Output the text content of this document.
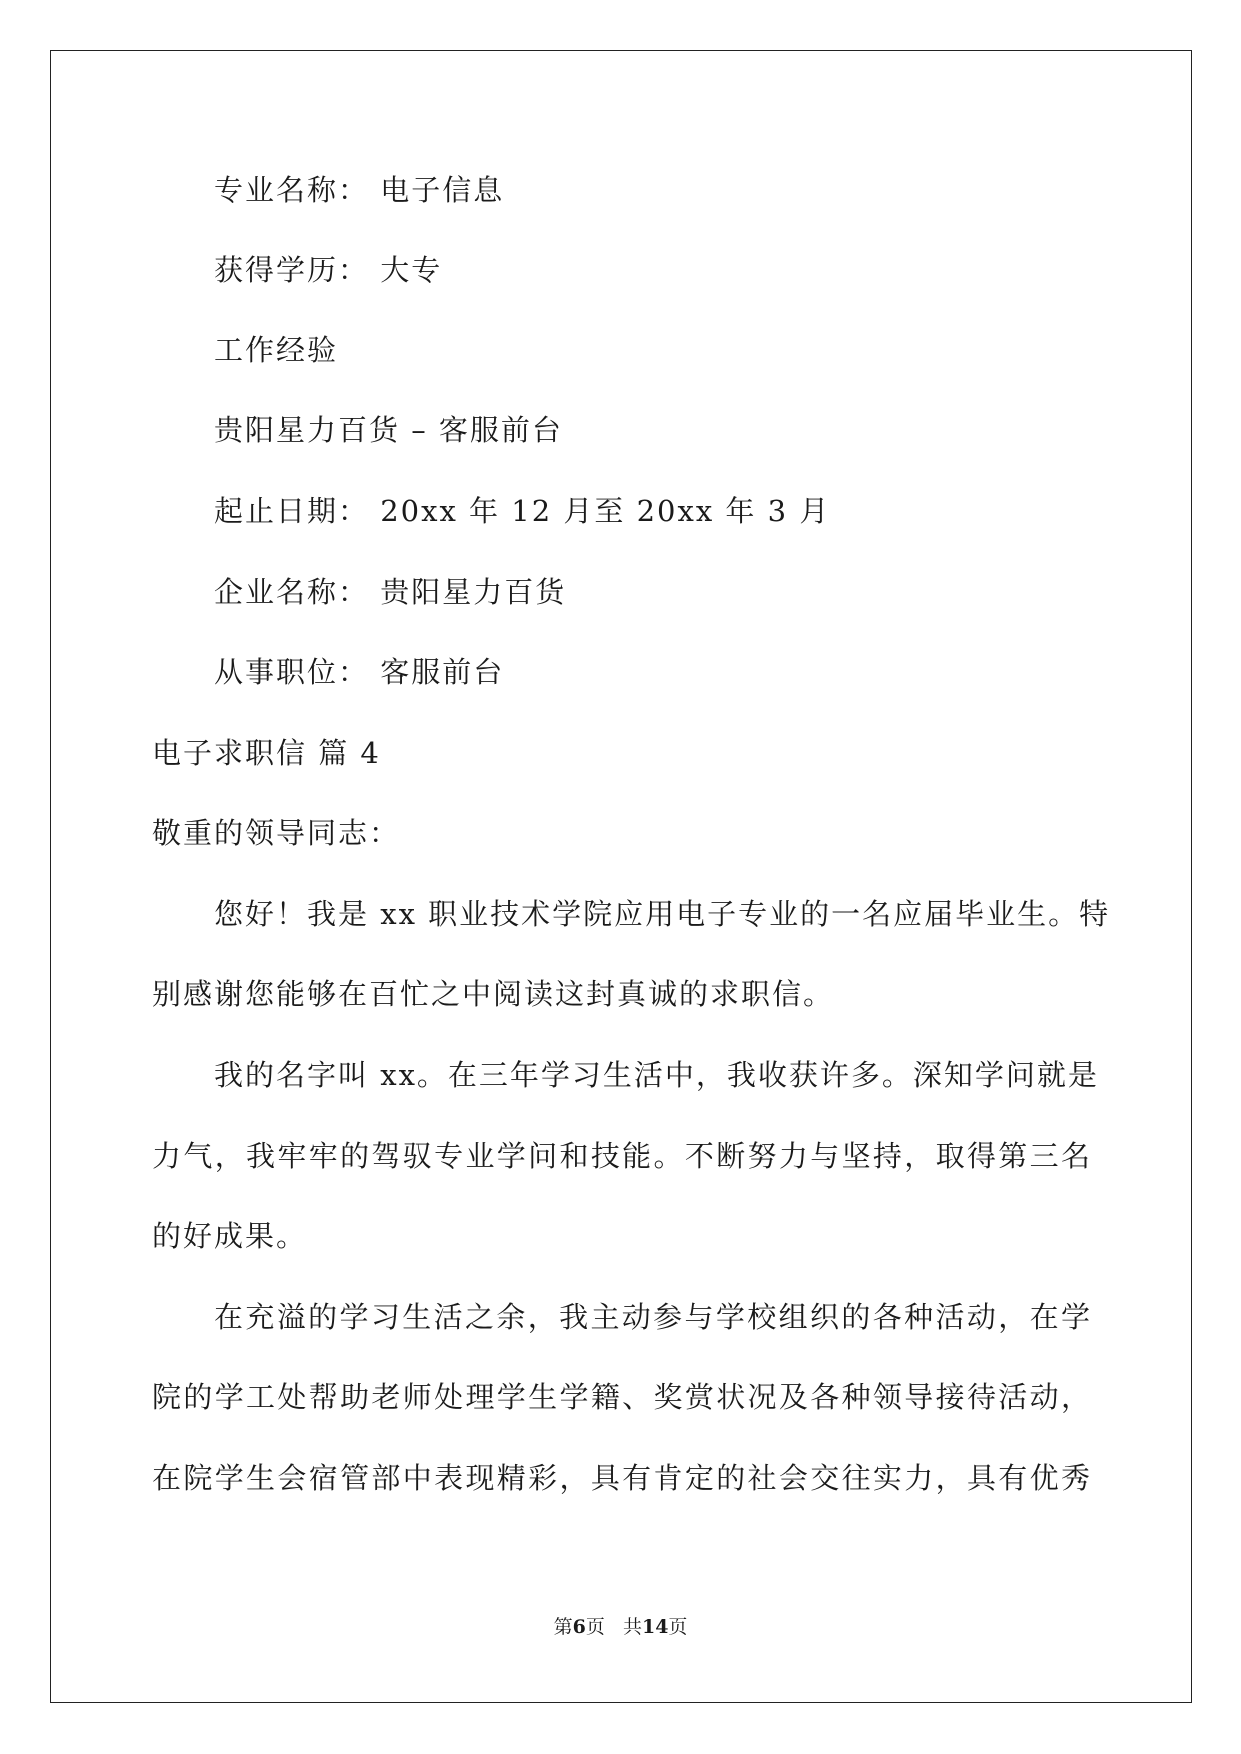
专业名称： 电子信息
获得学历： 大专
工作经验
贵阳星力百货 – 客服前台
起止日期： 20xx 年 12 月至 20xx 年 3 月
企业名称： 贵阳星力百货
从事职位： 客服前台
电子求职信 篇 4
敬重的领导同志：
您好！我是 xx 职业技术学院应用电子专业的一名应届毕业生。特
别感谢您能够在百忙之中阅读这封真诚的求职信。
我的名字叫 xx。在三年学习生活中，我收获许多。深知学问就是
力气，我牢牢的驾驭专业学问和技能。不断努力与坚持，取得第三名
的好成果。
在充溢的学习生活之余，我主动参与学校组织的各种活动，在学
院的学工处帮助老师处理学生学籍、奖赏状况及各种领导接待活动，
在院学生会宿管部中表现精彩，具有肯定的社会交往实力，具有优秀
第6页 共14页
